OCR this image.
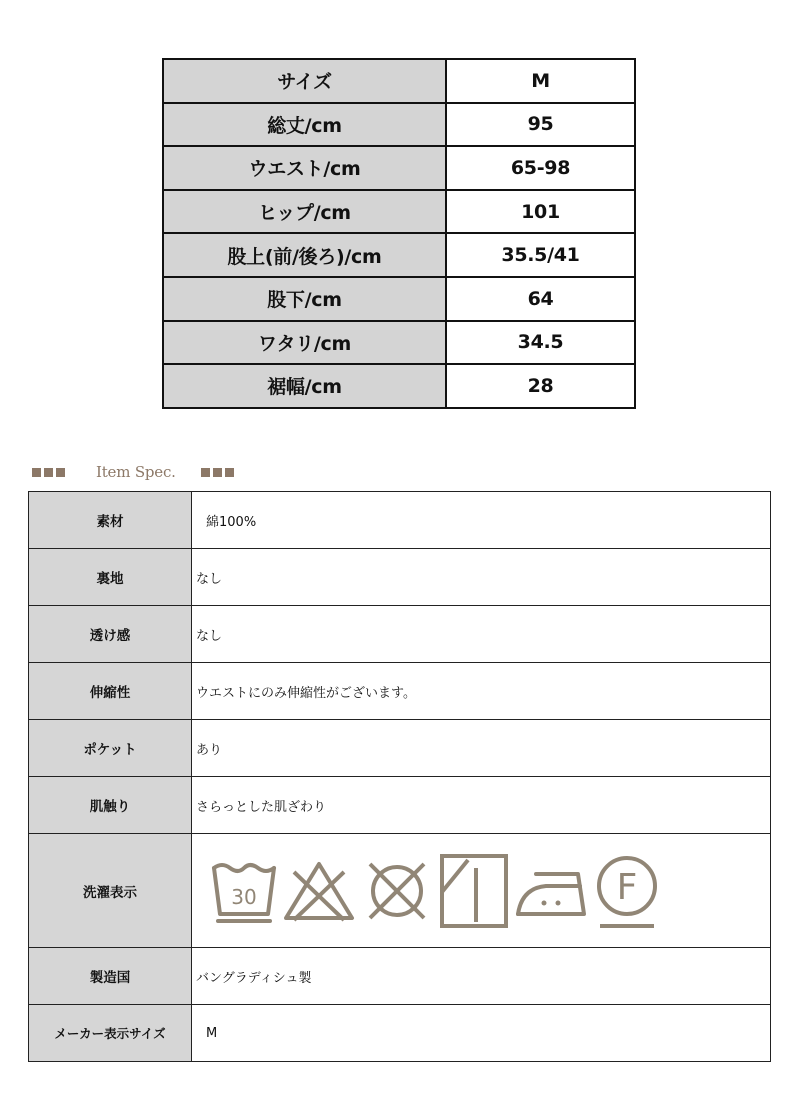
サイズ	M
総丈/cm	95
ウエスト/cm	65-98
ヒップ/cm	101
股上(前/後ろ)/cm	35.5/41
股下/cm	64
ワタリ/cm	34.5
裾幅/cm	28
Item Spec.
素材	綿100%
裏地	なし
透け感	なし
伸縮性	ウエストにのみ伸縮性がございます。
ポケット	あり
肌触り	さらっとした肌ざわり
洗濯表示	30 F

製造国	バングラディシュ製
メーカー表示サイズ	M
